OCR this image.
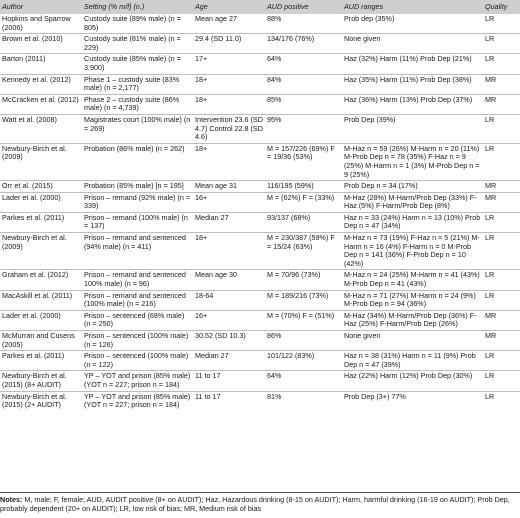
Author	Setting (% m/f) (n.)	Age	AUD positive	AUD ranges	Quality
Hopkins and Sparrow (2006)	Custody suite (89% male) (n = 805)	Mean age 27	88%	Prob dep (35%)	LR
Brown et al. (2010)	Custody suite (81% male) (n = 229)	29.4 (SD 11.0)	134/176 (76%)	None given	LR
Barton (2011)	Custody suite (85% male) (n = 3,900)	17+	64%	Haz (32%) Harm (11%) Prob Dep (21%)	LR
Kennedy et al. (2012)	Phase 1 – custody suite (83% male) (n = 2,177)	18+	84%	Haz (35%) Harm (11%) Prob Dep (38%)	MR
McCracken et al. (2012)	Phase 2 – custody suite (86% male) (n = 4,739)	18+	85%	Haz (36%) Harm (13%) Prob Dep (37%)	MR
Watt et al. (2008)	Magistrates court (100% male) (n = 269)	Intervention 23.6 (SD 4.7) Control 22.8 (SD 4.6)	95%	Prob Dep (39%)	LR
Newbury-Birch et al. (2009)	Probation (86% male) (n = 262)	18+	M = 157/226 (69%) F = 19/36 (53%)	M-Haz n = 59 (26%) M-Harm n = 20 (11%) M-Prob Dep n = 78 (35%) F-Haz n = 9 (25%) M-Harm n = 1 (3%) M-Prob Dep n = 9 (25%)	LR
Orr et al. (2015)	Probation (85% male) [n = 195]	Mean age 31	116/195 (59%)	Prob Dep n = 34 (17%)	MR
Lader et al. (2000)	Prison – remand (92% male) (n = 339)	16+	M = (62%) F = (33%)	M-Haz (28%) M-Harm/Prob Dep (33%) F-Haz (5%) F-Harm/Prob Dep (8%)	MR
Parkes et al. (2011)	Prison – remand (100% male) (n = 137)	Median 27	93/137 (68%)	Haz n = 33 (24%) Harm n = 13 (10%) Prob Dep n = 47 (34%)	LR
Newbury-Birch et al. (2009)	Prison – remand and sentenced (94% male) (n = 411)	18+	M = 230/387 (59%) F = 15/24 (63%)	M-Haz n = 73 (19%) F-Haz n = 5 (21%) M-Harm n = 16 (4%) F-Harm n = 0 M-Prob Dep n = 141 (36%) F-Prob Dep n = 10 (42%)	LR
Graham et al. (2012)	Prison – remand and sentenced 100% male) (n = 96)	Mean age 30	M = 70/96 (73%)	M-Haz n = 24 (25%) M-Harm n = 41 (43%) M-Prob Dep n = 41 (43%)	LR
MacAskill et al. (2011)	Prison – remand and sentenced (100% male) (n = 216)	18-64	M = 189/216 (73%)	M-Haz n = 71 (27%) M-Harm n = 24 (9%) M-Prob Dep n = 94 (36%)	LR
Lader et al. (2000)	Prison – sentenced (68% male) (n = 250)	16+	M = (70%) F = (51%)	M-Haz (34%) M-Harm/Prob Dep (36%) F-Haz (25%) F-Harm/Prob Dep (26%)	MR
McMurran and Cusens (2005)	Prison – sentenced (100% male) (n = 126)	30.52 (SD 10.3)	86%	None given	MR
Parkes et al. (2011)	Prison – sentenced (100% male) (n = 122)	Median 27	101/122 (83%)	Haz n = 38 (31%) Harm n = 11 (9%) Prob Dep n = 47 (39%)	LR
Newbury-Birch et al. (2015) (8+ AUDIT)	YP – YOT and prison (85% male) (YOT n = 227; prison n = 184)	11 to 17	64%	Haz (22%) Harm (12%) Prob Dep (30%)	LR
Newbury-Birch et al. (2015) (2+ AUDIT)	YP – YOT and prison (85% male) (YOT n = 227; prison n = 184)	11 to 17	81%	Prob Dep (3+) 77%	LR
Notes: M, male; F, female; AUD, AUDIT positive (8+ on AUDIT); Haz, Hazardous drinking (8-15 on AUDIT); Harm, harmful drinking (16-19 on AUDIT); Prob Dep, probably dependent (20+ on AUDIT); LR, low risk of bias; MR, Medium risk of bias
